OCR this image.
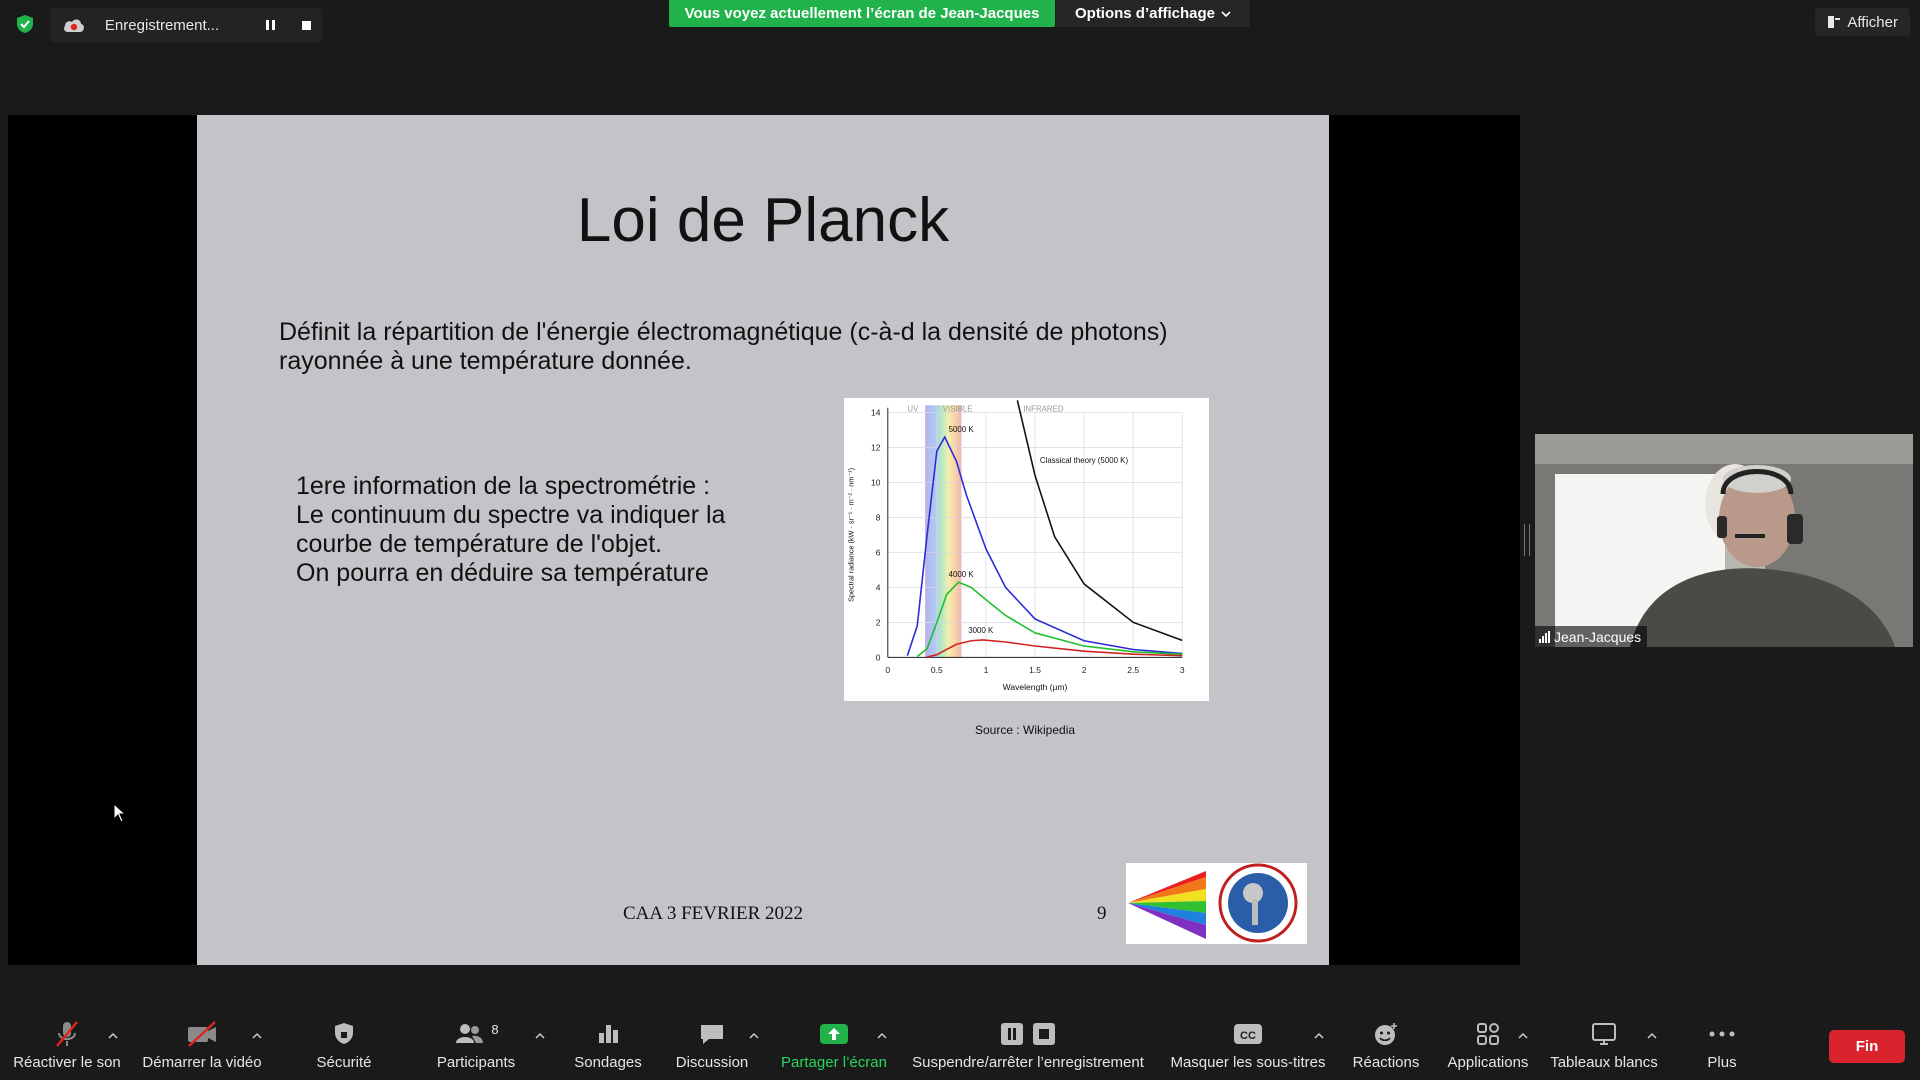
Enregistrement...
Vous voyez actuellement l’écran de Jean-Jacques	Options d’affichage	Afficher
Loi de Planck
Définit la répartition de l'énergie électromagnétique (c-à-d la densité de photons)
rayonnée à une température donnée.
1ere information de la spectrométrie :
Le continuum du spectre va indiquer la
courbe de température de l'objet.
On pourra en déduire sa température
0	0.5	1	1.5	2	2.5	3
0
2
4
6
8
10
12
14	UV	VISIBLE	INFRARED
5000 K
4000 K
3000 K
Classical theory (5000 K)
Wavelength (µm)
Spectral radiance (kW · sr⁻¹ · m⁻² · nm⁻¹)
Source : Wikipedia
CAA 3 FEVRIER 2022	9
Jean-Jacques
Réactiver le son Démarrer la vidéo	Sécurité
8
Participants	Sondages Discussion Partager l’écran Suspendre/arrêter l’enregistrement
CC
Masquer les sous-titres Réactions Applications Tableaux blancs	Plus
Fin
